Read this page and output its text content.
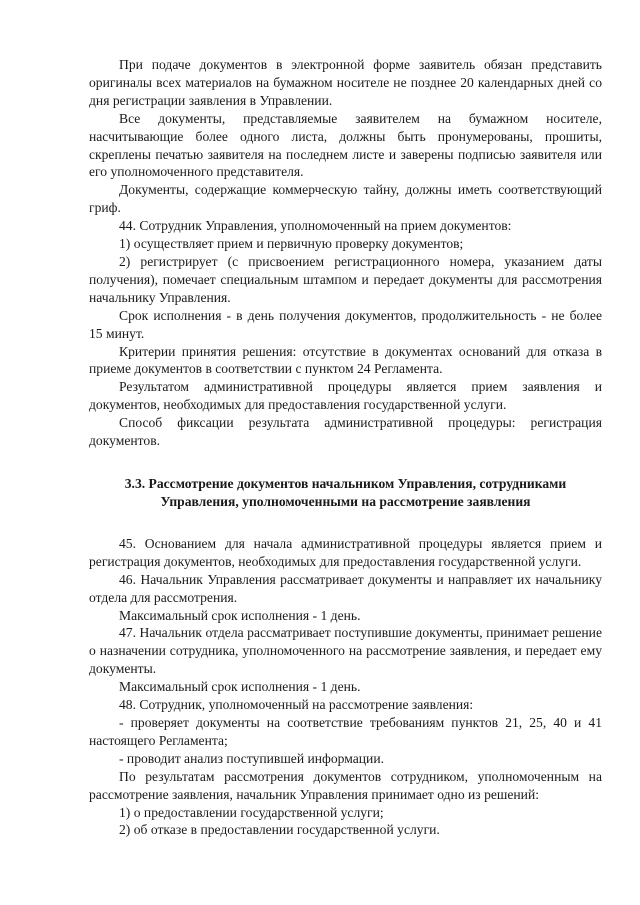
При подаче документов в электронной форме заявитель обязан представить оригиналы всех материалов на бумажном носителе не позднее 20 календарных дней со дня регистрации заявления в Управлении.

Все документы, представляемые заявителем на бумажном носителе, насчитывающие более одного листа, должны быть пронумерованы, прошиты, скреплены печатью заявителя на последнем листе и заверены подписью заявителя или его уполномоченного представителя.

Документы, содержащие коммерческую тайну, должны иметь соответствующий гриф.

44. Сотрудник Управления, уполномоченный на прием документов:

1) осуществляет прием и первичную проверку документов;

2) регистрирует (с присвоением регистрационного номера, указанием даты получения), помечает специальным штампом и передает документы для рассмотрения начальнику Управления.

Срок исполнения - в день получения документов, продолжительность - не более 15 минут.

Критерии принятия решения: отсутствие в документах оснований для отказа в приеме документов в соответствии с пунктом 24 Регламента.

Результатом административной процедуры является прием заявления и документов, необходимых для предоставления государственной услуги.

Способ фиксации результата административной процедуры: регистрация документов.

3.3. Рассмотрение документов начальником Управления, сотрудниками
Управления, уполномоченными на рассмотрение заявления

45. Основанием для начала административной процедуры является прием и регистрация документов, необходимых для предоставления государственной услуги.

46. Начальник Управления рассматривает документы и направляет их начальнику отдела для рассмотрения.

Максимальный срок исполнения - 1 день.

47. Начальник отдела рассматривает поступившие документы, принимает решение о назначении сотрудника, уполномоченного на рассмотрение заявления, и передает ему документы.

Максимальный срок исполнения - 1 день.

48. Сотрудник, уполномоченный на рассмотрение заявления:

- проверяет документы на соответствие требованиям пунктов 21, 25, 40 и 41 настоящего Регламента;

- проводит анализ поступившей информации.

По результатам рассмотрения документов сотрудником, уполномоченным на рассмотрение заявления, начальник Управления принимает одно из решений:

1) о предоставлении государственной услуги;

2) об отказе в предоставлении государственной услуги.
